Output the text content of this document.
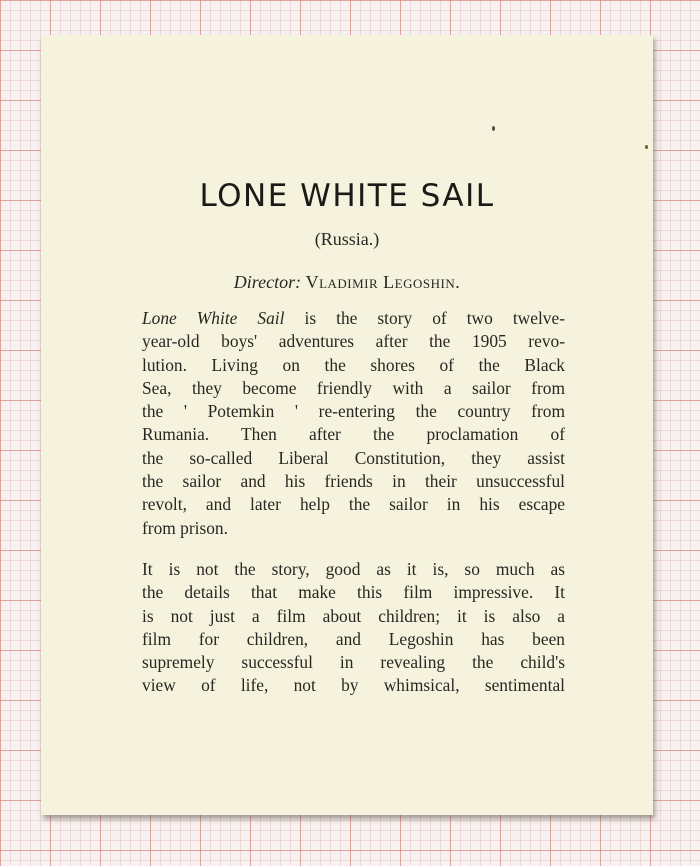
LONE WHITE SAIL
(Russia.)
Director: Vladimir Legoshin.
Lone White Sail is the story of two twelve-
year-old boys' adventures after the 1905 revo-
lution. Living on the shores of the Black
Sea, they become friendly with a sailor from
the ' Potemkin ' re-entering the country from
Rumania. Then after the proclamation of
the so-called Liberal Constitution, they assist
the sailor and his friends in their unsuccessful
revolt, and later help the sailor in his escape
from prison.
It is not the story, good as it is, so much as
the details that make this film impressive. It
is not just a film about children; it is also a
film for children, and Legoshin has been
supremely successful in revealing the child's
view of life, not by whimsical, sentimental
